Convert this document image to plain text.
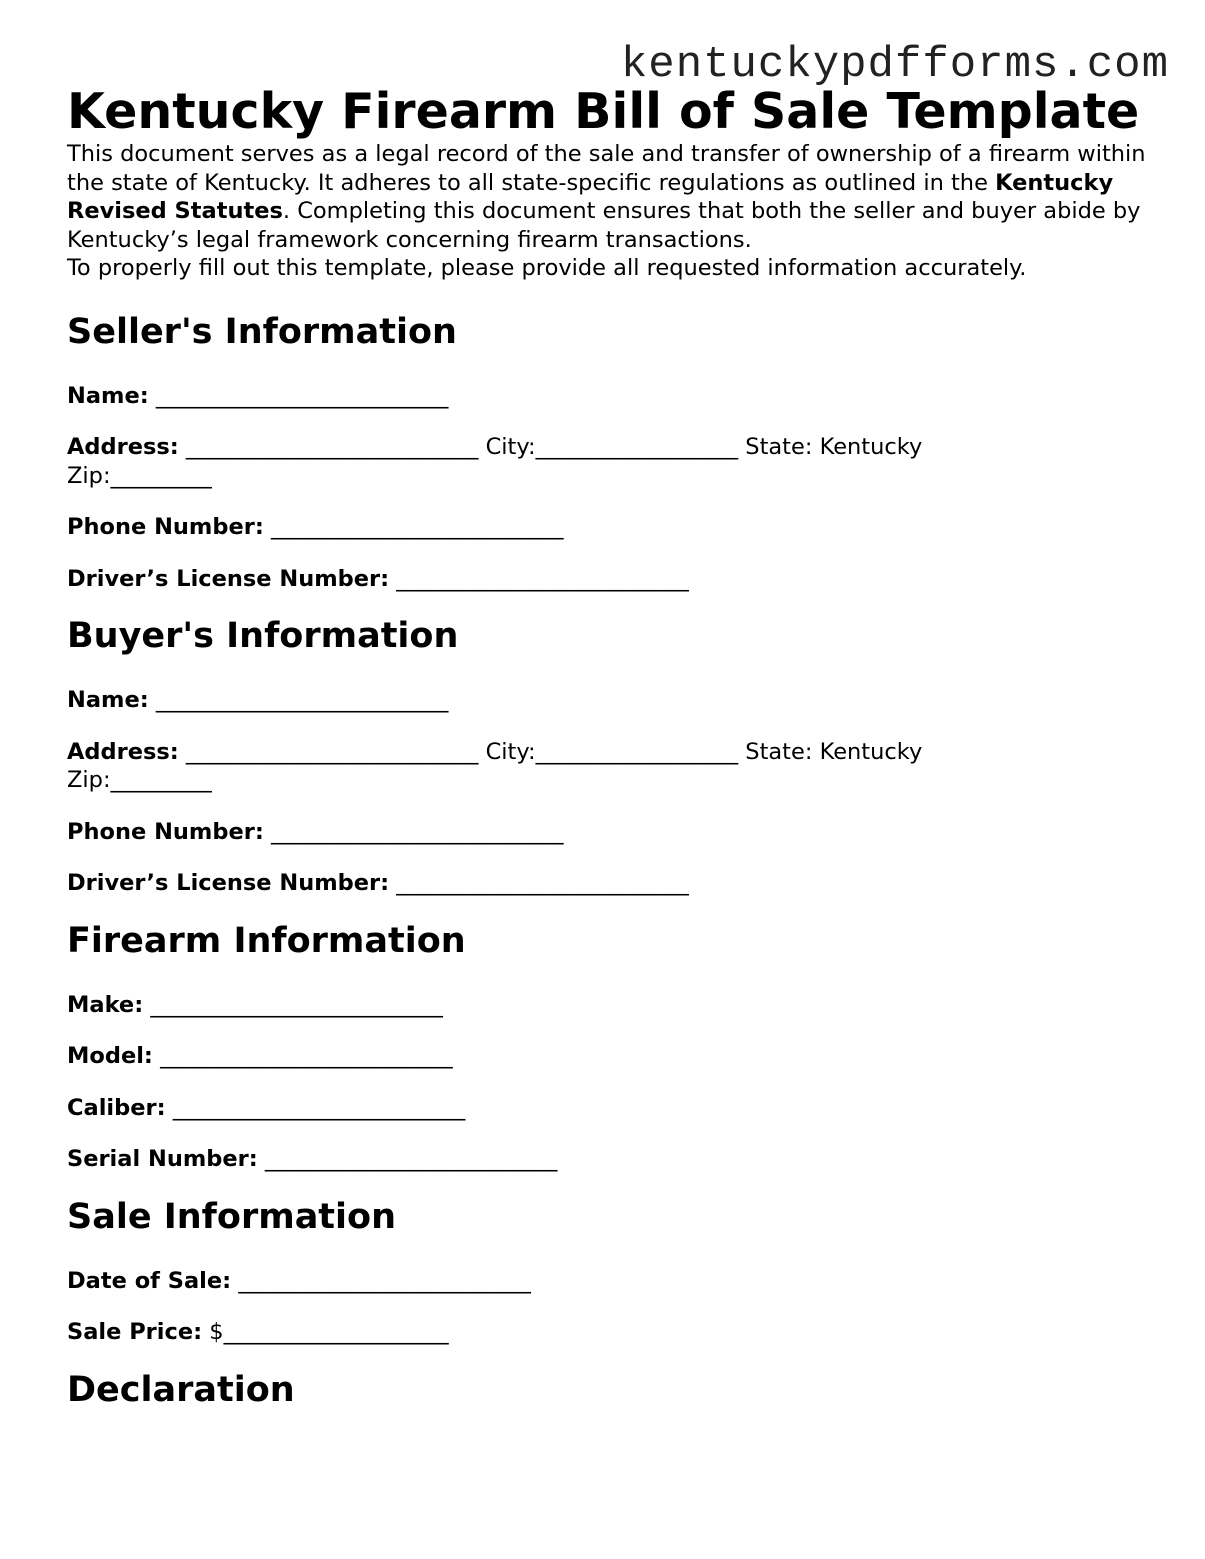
kentuckypdfforms.com
Kentucky Firearm Bill of Sale Template

This document serves as a legal record of the sale and transfer of ownership of a firearm within the state of Kentucky. It adheres to all state-specific regulations as outlined in the Kentucky Revised Statutes. Completing this document ensures that both the seller and buyer abide by Kentucky’s legal framework concerning firearm transactions.

To properly fill out this template, please provide all requested information accurately.

Seller's Information

Name: __________________________

Address: __________________________ City:__________________ State: Kentucky
Zip:_________

Phone Number: __________________________

Driver’s License Number: __________________________

Buyer's Information

Name: __________________________

Address: __________________________ City:__________________ State: Kentucky
Zip:_________

Phone Number: __________________________

Driver’s License Number: __________________________

Firearm Information

Make: __________________________

Model: __________________________

Caliber: __________________________

Serial Number: __________________________

Sale Information

Date of Sale: __________________________

Sale Price: $____________________

Declaration
